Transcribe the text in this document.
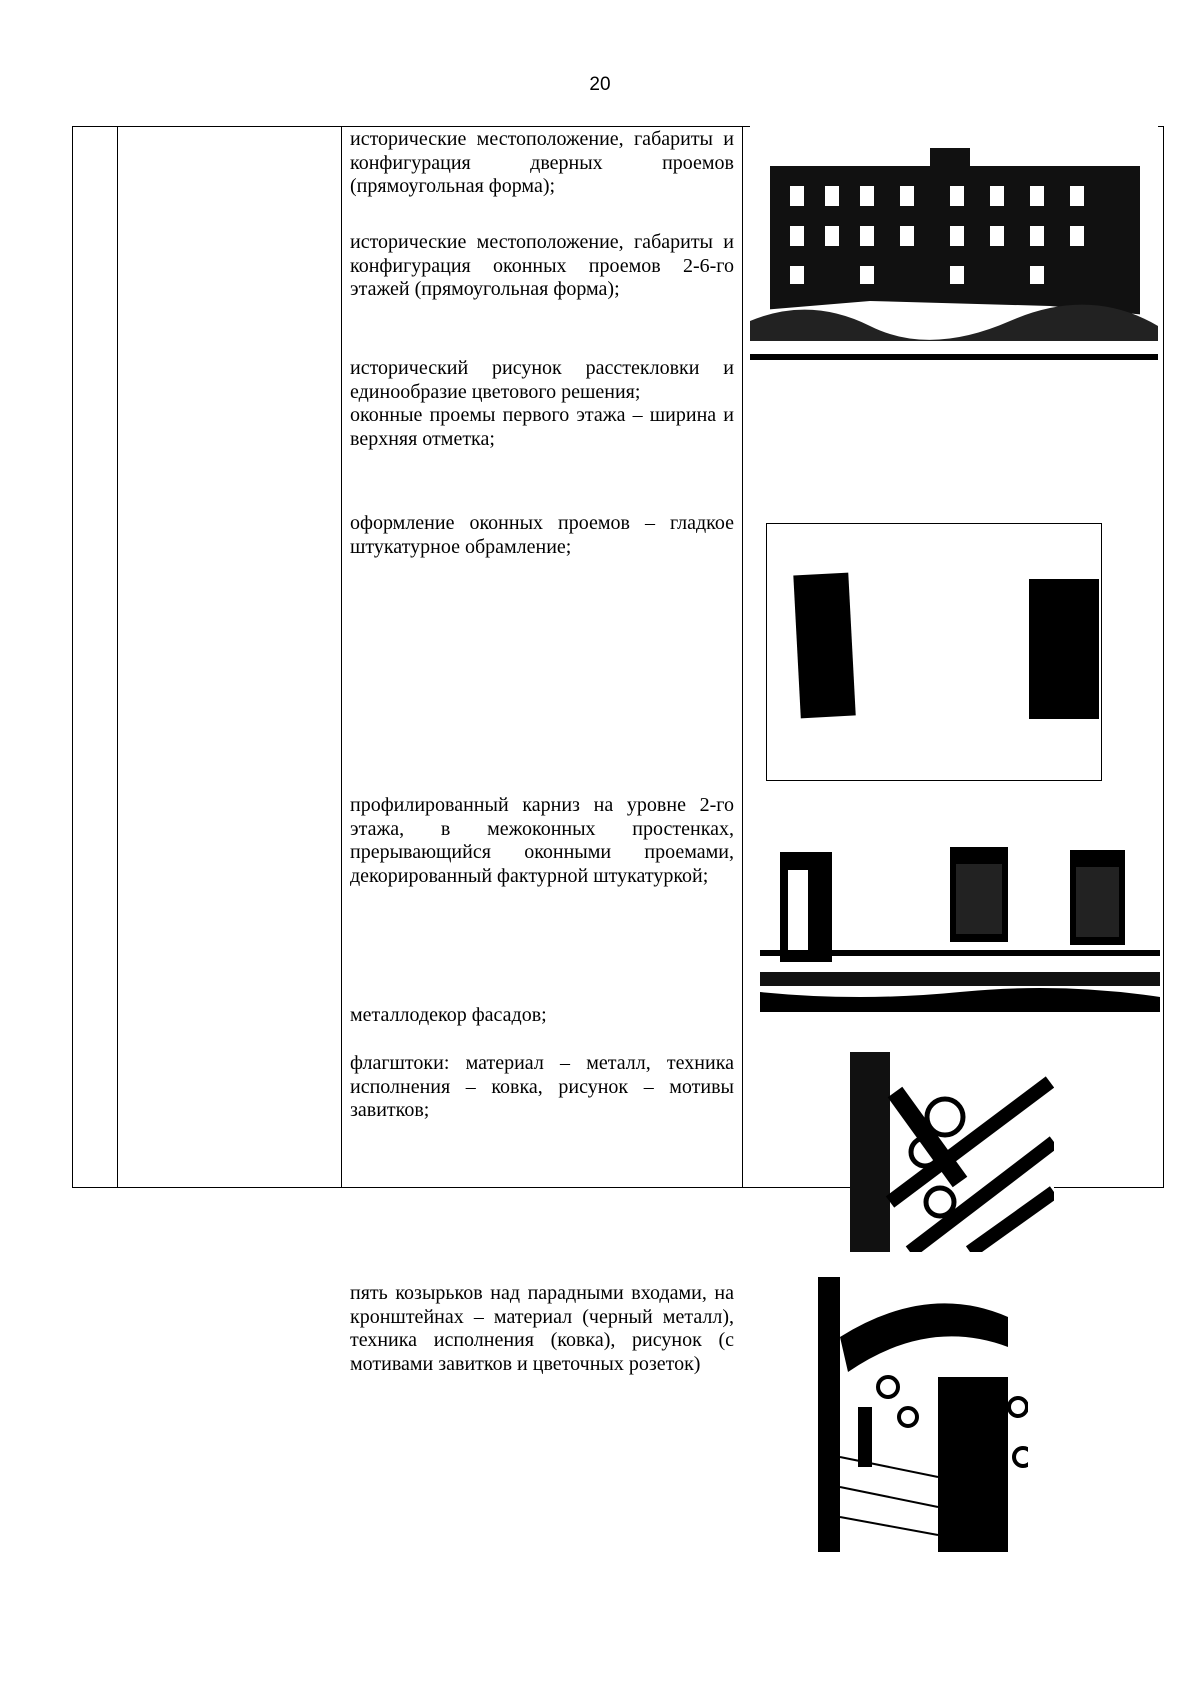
20
исторические местоположение, габариты и конфигурация дверных проемов (прямоугольная форма);
исторические местоположение, габариты и конфигурация оконных проемов 2-6-го этажей (прямоугольная форма);
исторический рисунок расстекловки и единообразие цветового решения;
оконные проемы первого этажа – ширина и верхняя отметка;
оформление оконных проемов – гладкое штукатурное обрамление;
профилированный карниз на уровне 2-го этажа, в межоконных простенках, прерывающийся оконными проемами, декорированный фактурной штукатуркой;
металлодекор фасадов;
флагштоки: материал – металл, техника исполнения – ковка, рисунок – мотивы завитков;
пять козырьков над парадными входами, на кронштейнах – материал (черный металл), техника исполнения (ковка), рисунок (с мотивами завитков и цветочных розеток)
